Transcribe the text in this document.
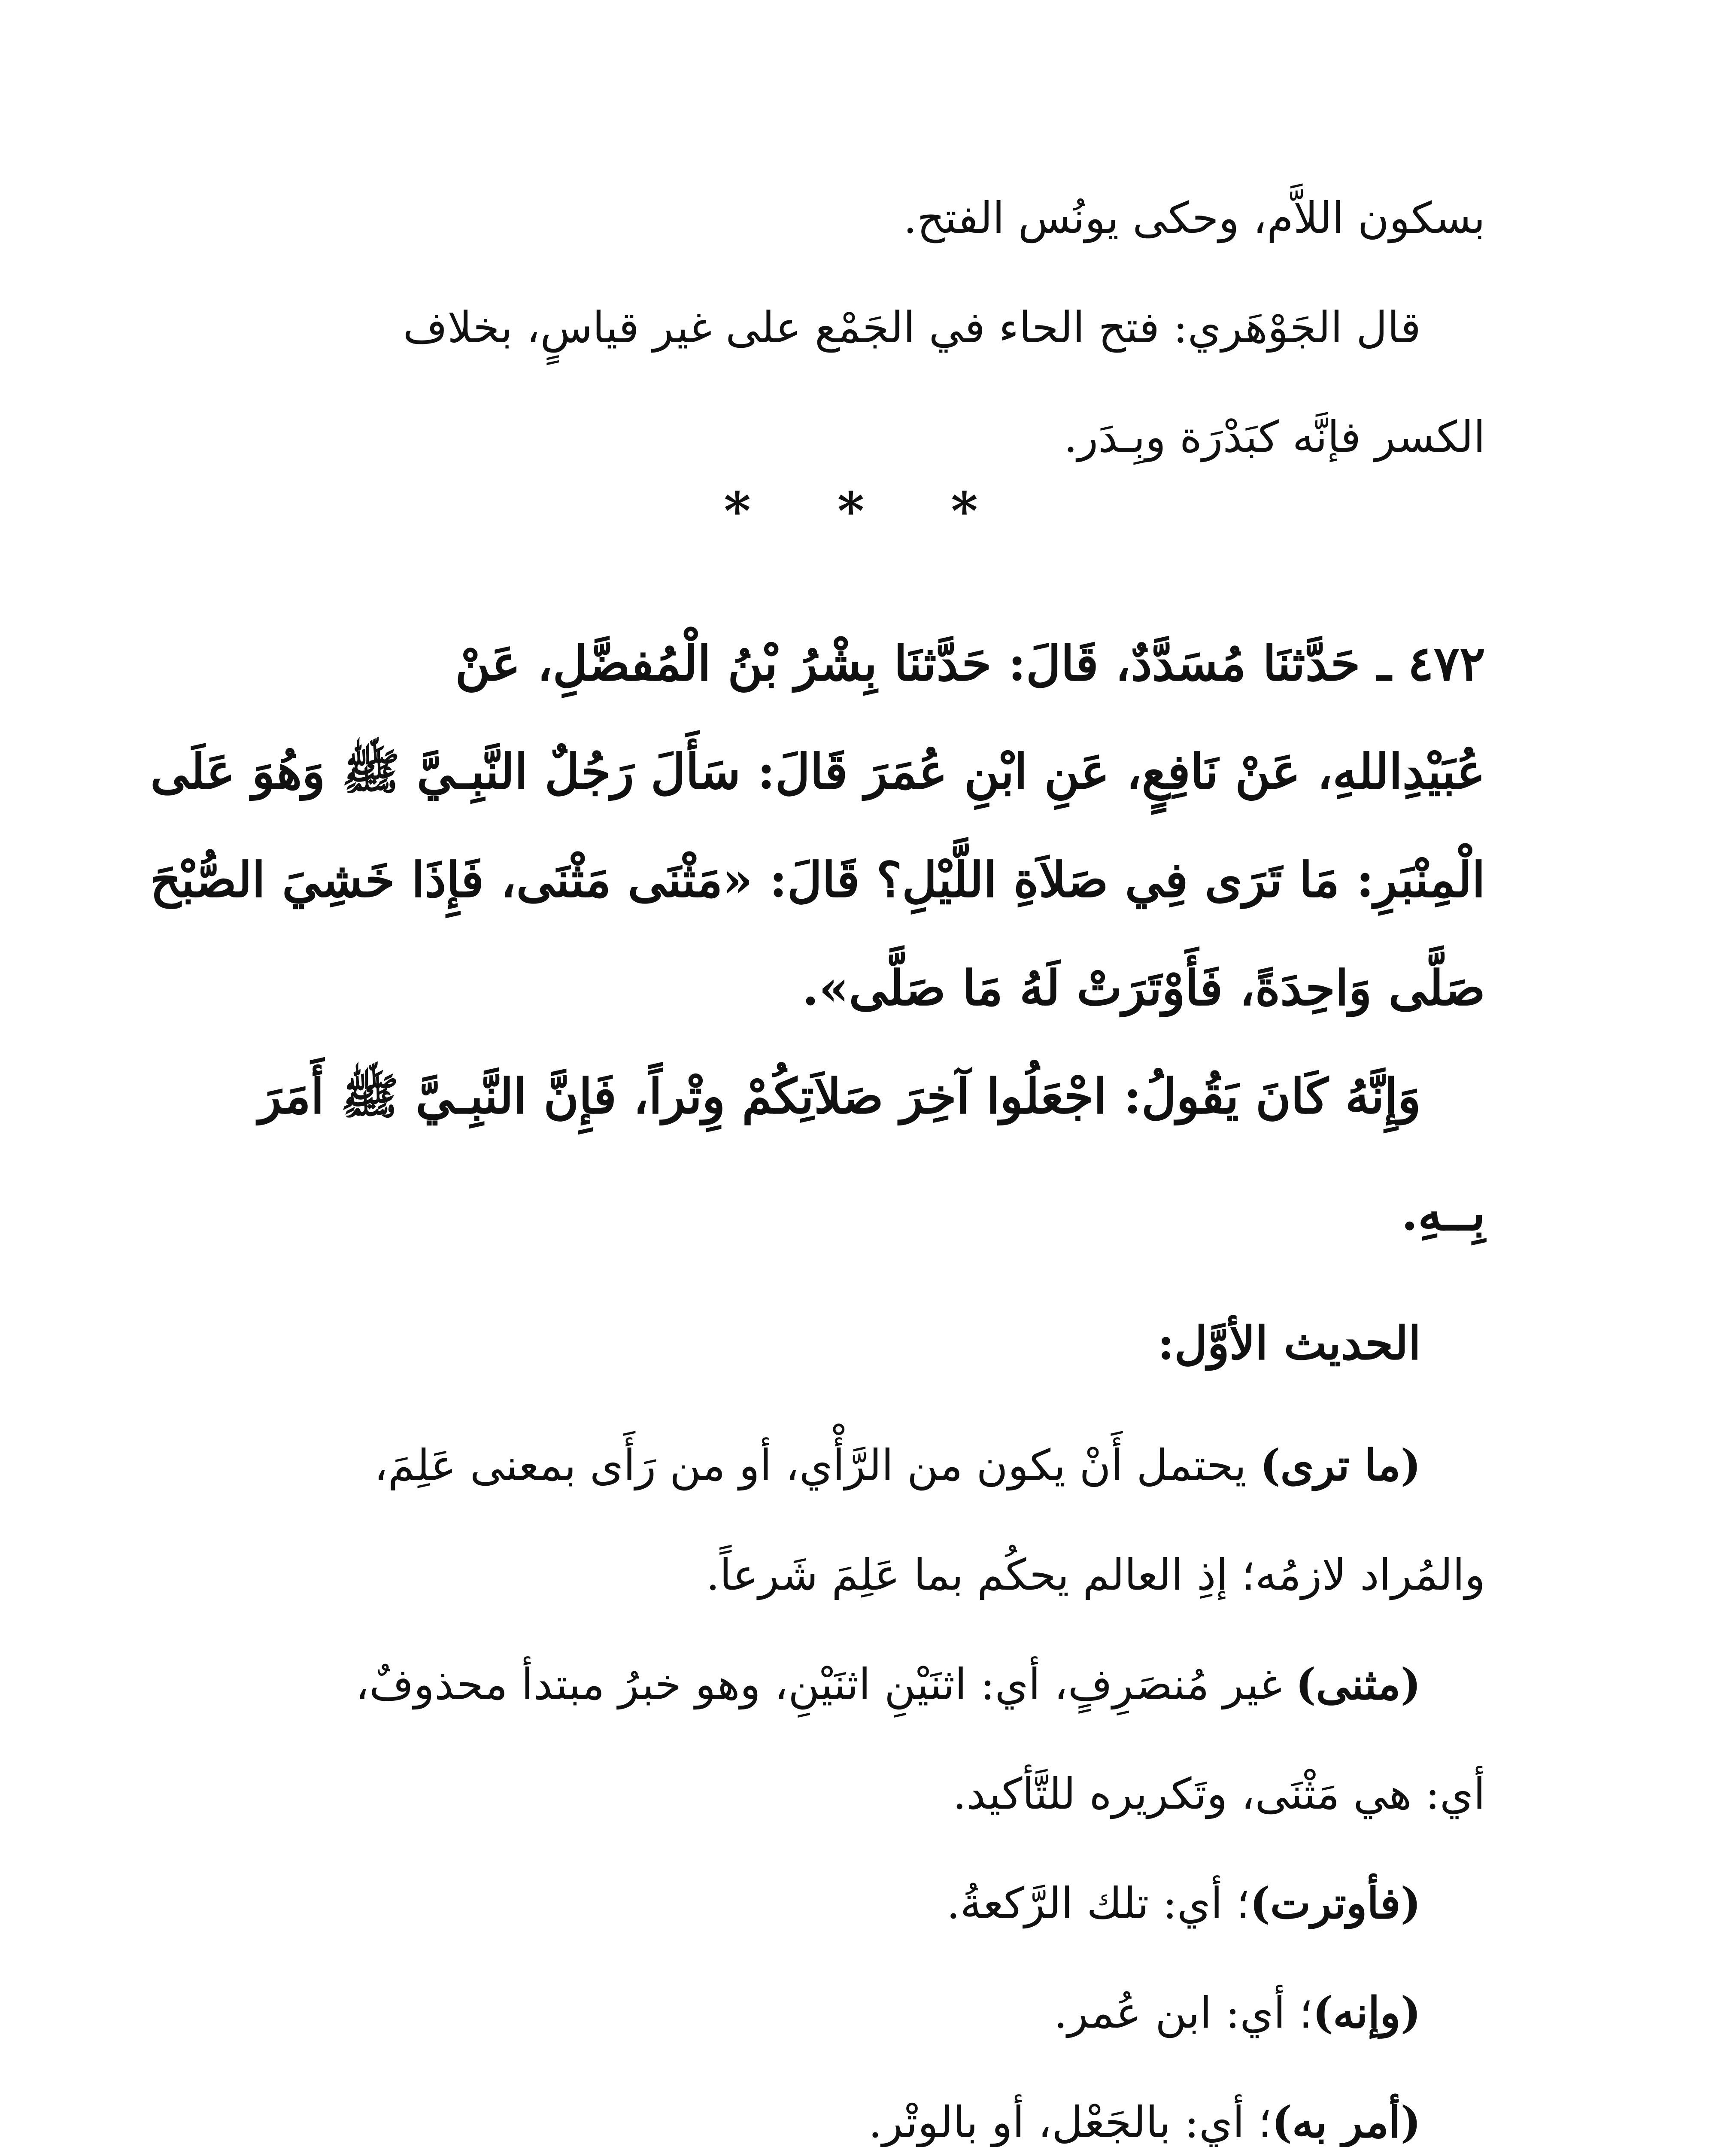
بسكون اللاَّم، وحكى يونُس الفتح.
قال الجَوْهَري: فتح الحاء في الجَمْع على غير قياسٍ، بخلاف
الكسر فإنَّه كبَدْرَة وبِـدَر.
* * *
٤٧٢ ـ حَدَّثنَا مُسَدَّدٌ، قَالَ: حَدَّثنَا بِشْرُ بْنُ الْمُفضَّلِ، عَنْ
عُبَيْدِاللهِ، عَنْ نَافِعٍ، عَنِ ابْنِ عُمَرَ قَالَ: سَأَلَ رَجُلٌ النَّبِـيَّ ﷺ وَهُوَ عَلَى
الْمِنْبَرِ: مَا تَرَى فِي صَلاَةِ اللَّيْلِ؟ قَالَ: «مَثْنَى مَثْنَى، فَإِذَا خَشِيَ الصُّبْحَ
صَلَّى وَاحِدَةً، فَأَوْتَرَتْ لَهُ مَا صَلَّى».
وَإِنَّهُ كَانَ يَقُولُ: اجْعَلُوا آخِرَ صَلاَتِكُمْ وِتْراً، فَإِنَّ النَّبِـيَّ ﷺ أَمَرَ
بِــهِ.
الحديث الأوَّل:
(ما ترى) يحتمل أَنْ يكون من الرَّأْي، أو من رَأَى بمعنى عَلِمَ،
والمُراد لازمُه؛ إذِ العالم يحكُم بما عَلِمَ شَرعاً.
(مثنى) غير مُنصَرِفٍ، أي: اثنَيْنِ اثنَيْنِ، وهو خبرُ مبتدأ محذوفٌ،
أي: هي مَثْنَى، وتَكريره للتَّأكيد.
(فأوترت)؛ أي: تلك الرَّكعةُ.
(وإنه)؛ أي: ابن عُمر.
(أمر به)؛ أي: بالجَعْل، أو بالوِتْر.
